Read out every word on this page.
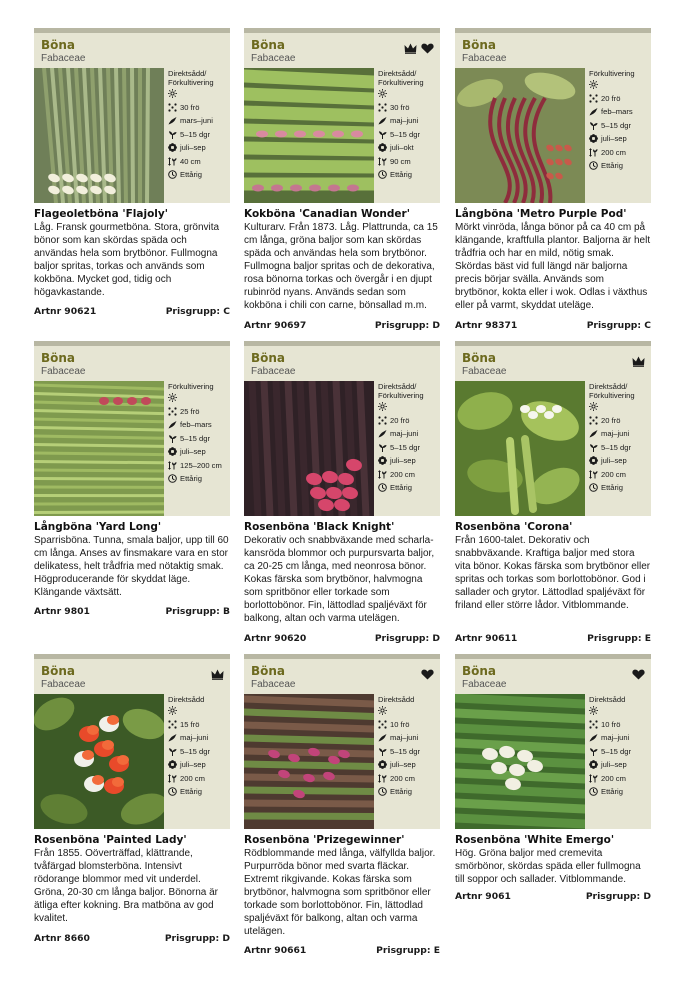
Böna
Fabaceae
Direktsådd/ Förkultivering
30 frö
mars–juni
5–15 dgr
juli–sep
40 cm
Ettårig
Flageoletböna 'Flajoly'
Låg. Fransk gourmetböna. Stora, grönvita bönor som kan skördas späda och användas hela som brytbönor. Fullmogna baljor spritas, torkas och används som kokböna. Mycket god, tidig och högavkastande.
Artnr 90621	Prisgrupp: C
Böna
Fabaceae
Direktsådd/ Förkultivering
30 frö
maj–juni
5–15 dgr
juli–okt
90 cm
Ettårig
Kokböna 'Canadian Wonder'
Kulturarv. Från 1873. Låg. Plattrunda, ca 15 cm långa, gröna baljor som kan skördas späda och användas hela som brytbönor. Fullmogna baljor spritas och de dekorativa, rosa bönorna torkas och övergår i en djupt rubinröd nyans. Används sedan som kokböna i chili con carne, bönsallad m.m.
Artnr 90697	Prisgrupp: D
Böna
Fabaceae
Förkultivering
20 frö
feb–mars
5–15 dgr
juli–sep
200 cm
Ettårig
Långböna 'Metro Purple Pod'
Mörkt vinröda, långa bönor på ca 40 cm på klängande, kraftfulla plantor. Baljorna är helt trådfria och har en mild, nötig smak. Skördas bäst vid full längd när baljorna precis börjar svälla. Används som brytbönor, kokta eller i wok. Odlas i växthus eller på varmt, skyddat uteläge.
Artnr 98371	Prisgrupp: C
Böna
Fabaceae
Förkultivering
25 frö
feb–mars
5–15 dgr
juli–sep
125–200 cm
Ettårig
Långböna 'Yard Long'
Sparrisböna. Tunna, smala baljor, upp till 60 cm långa. Anses av finsmakare vara en stor delikatess, helt trådfria med nötaktig smak. Högproducerande för skyddat läge. Klängande växtsätt.
Artnr 9801	Prisgrupp: B
Böna
Fabaceae
Direktsådd/ Förkultivering
20 frö
maj–juni
5–15 dgr
juli–sep
200 cm
Ettårig
Rosenböna 'Black Knight'
Dekorativ och snabbväxande med scharla-kansröda blommor och purpursvarta baljor, ca 20-25 cm långa, med neonrosa bönor. Kokas färska som brytbönor, halvmogna som spritbönor eller torkade som borlottobönor. Fin, lättodlad spaljéväxt för balkong, altan och varma utelägen.
Artnr 90620	Prisgrupp: D
Böna
Fabaceae
Direktsådd/ Förkultivering
20 frö
maj–juni
5–15 dgr
juli–sep
200 cm
Ettårig
Rosenböna 'Corona'
Från 1600-talet. Dekorativ och snabbväxande. Kraftiga baljor med stora vita bönor. Kokas färska som brytbönor eller spritas och torkas som borlottobönor. God i sallader och grytor. Lättodlad spaljéväxt för friland eller större lådor. Vitblommande.
Artnr 90611	Prisgrupp: E
Böna
Fabaceae
Direktsådd
15 frö
maj–juni
5–15 dgr
juli–sep
200 cm
Ettårig
Rosenböna 'Painted Lady'
Från 1855. Oöverträffad, klättrande, tvåfärgad blomsterböna. Intensivt rödorange blommor med vit underdel. Gröna, 20-30 cm långa baljor. Bönorna är ätliga efter kokning. Bra matböna av god kvalitet.
Artnr 8660	Prisgrupp: D
Böna
Fabaceae
Direktsådd
10 frö
maj–juni
5–15 dgr
juli–sep
200 cm
Ettårig
Rosenböna 'Prizegewinner'
Rödblommande med långa, välfyllda baljor. Purpurröda bönor med svarta fläckar. Extremt rikgivande. Kokas färska som brytbönor, halvmogna som spritbönor eller torkade som borlottobönor. Fin, lättodlad spaljéväxt för balkong, altan och varma utelägen.
Artnr 90661	Prisgrupp: E
Böna
Fabaceae
Direktsådd
10 frö
maj–juni
5–15 dgr
juli–sep
200 cm
Ettårig
Rosenböna 'White Emergo'
Hög. Gröna baljor med cremevita smörbönor, skördas späda eller fullmogna till soppor och sallader. Vitblommande.
Artnr 9061	Prisgrupp: D
